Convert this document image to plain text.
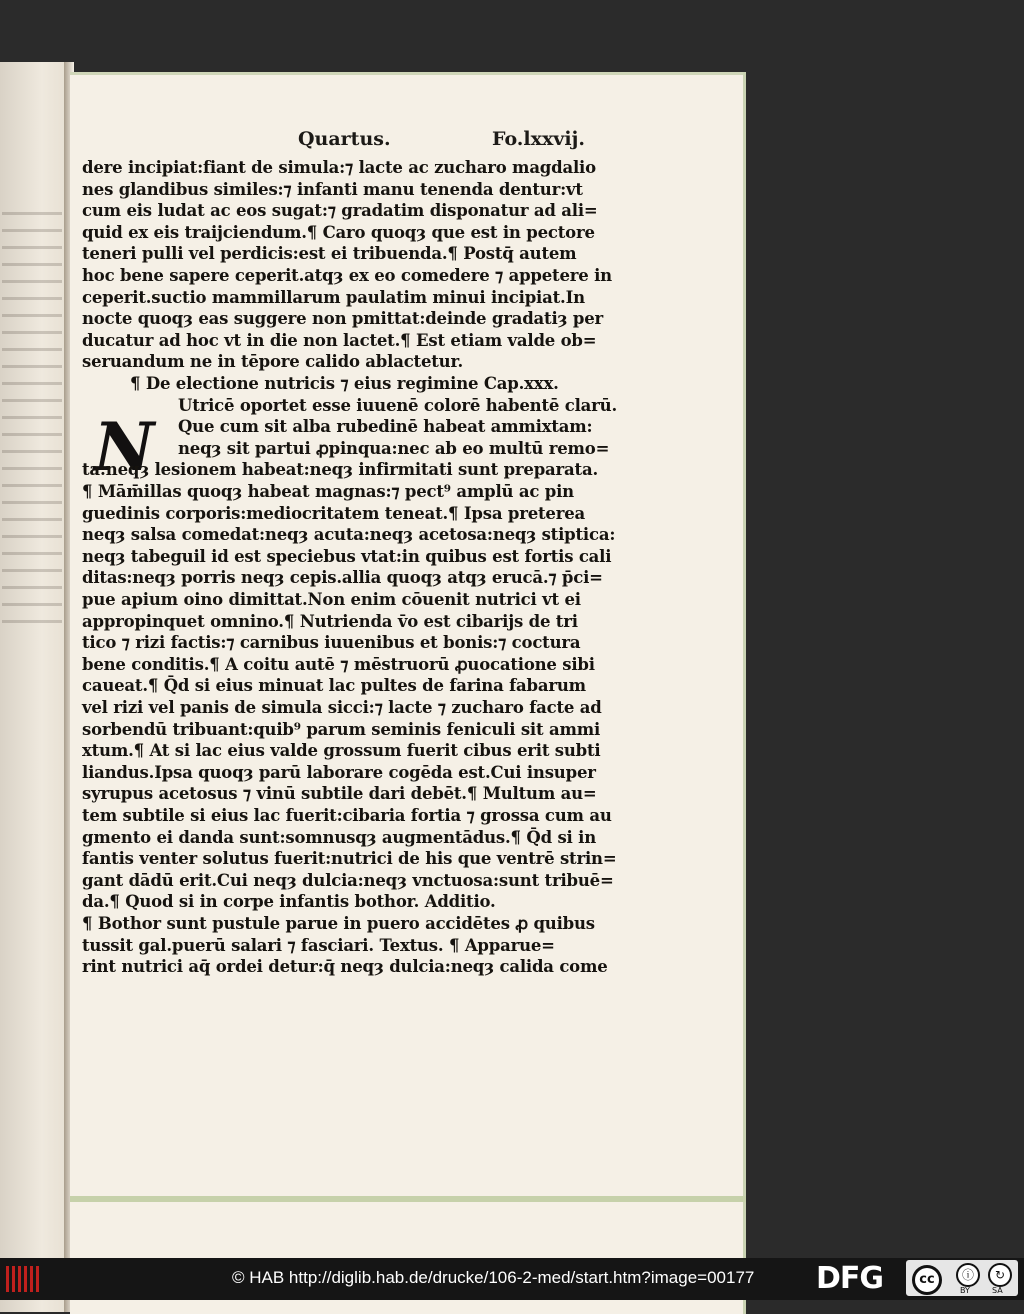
Quartus.	Fo.lxxvij.
N
dere incipiat:fiant de simula:⁊ lacte ac zucharo magdalio
nes glandibus similes:⁊ infanti manu tenenda dentur:vt
cum eis ludat ac eos sugat:⁊ gradatim disponatur ad ali=
quid ex eis traijciendum.¶ Caro quoqȝ que est in pectore
teneri pulli vel perdicis:est ei tribuenda.¶ Postq̄ autem
hoc bene sapere ceperit.atqȝ ex eo comedere ⁊ appetere in
ceperit.suctio mammillarum paulatim minui incipiat.In
nocte quoqȝ eas suggere non pmittat:deinde gradatiȝ per
ducatur ad hoc vt in die non lactet.¶ Est etiam valde ob=
seruandum ne in tēpore calido ablactetur.
¶ De electione nutricis ⁊ eius regimine Cap.xxx.
Utricē oportet esse iuuenē colorē habentē clarū.
Que cum sit alba rubedinē habeat ammixtam:
neqȝ sit partui ꝓpinqua:nec ab eo multū remo=
ta:neqȝ lesionem habeat:neqȝ infirmitati sunt preparata.
¶ Mām̄illas quoqȝ habeat magnas:⁊ pect⁹ amplū ac pin
guedinis corporis:mediocritatem teneat.¶ Ipsa preterea
neqȝ salsa comedat:neqȝ acuta:neqȝ acetosa:neqȝ stiptica:
neqȝ tabeguil id est speciebus vtat:in quibus est fortis cali
ditas:neqȝ porris neqȝ cepis.allia quoqȝ atqȝ erucā.⁊ p̄ci=
pue apium oino dimittat.Non enim cōuenit nutrici vt ei
appropinquet omnino.¶ Nutrienda v̄o est cibarijs de tri
tico ⁊ rizi factis:⁊ carnibus iuuenibus et bonis:⁊ coctura
bene conditis.¶ A coitu autē ⁊ mēstruorū ꝓuocatione sibi
caueat.¶ Q̄d si eius minuat lac pultes de farina fabarum
vel rizi vel panis de simula sicci:⁊ lacte ⁊ zucharo facte ad
sorbendū tribuant:quib⁹ parum seminis feniculi sit ammi
xtum.¶ At si lac eius valde grossum fuerit cibus erit subti
liandus.Ipsa quoqȝ parū laborare cogēda est.Cui insuper
syrupus acetosus ⁊ vinū subtile dari debēt.¶ Multum au=
tem subtile si eius lac fuerit:cibaria fortia ⁊ grossa cum au
gmento ei danda sunt:somnusqȝ augmentādus.¶ Q̄d si in
fantis venter solutus fuerit:nutrici de his que ventrē strin=
gant dādū erit.Cui neqȝ dulcia:neqȝ vnctuosa:sunt tribuē=
da.¶ Quod si in corpe infantis bothor. Additio.
¶ Bothor sunt pustule parue in puero accidētes ꝓ quibus
tussit gal.puerū salari ⁊ fasciari. Textus. ¶ Apparue=
rint nutrici aq̄ ordei detur:q̄ neqȝ dulcia:neqȝ calida come
© HAB http://diglib.hab.de/drucke/106-2-med/start.htm?image=00177 DFG	cc	ⓘ	↻
BY	SA
